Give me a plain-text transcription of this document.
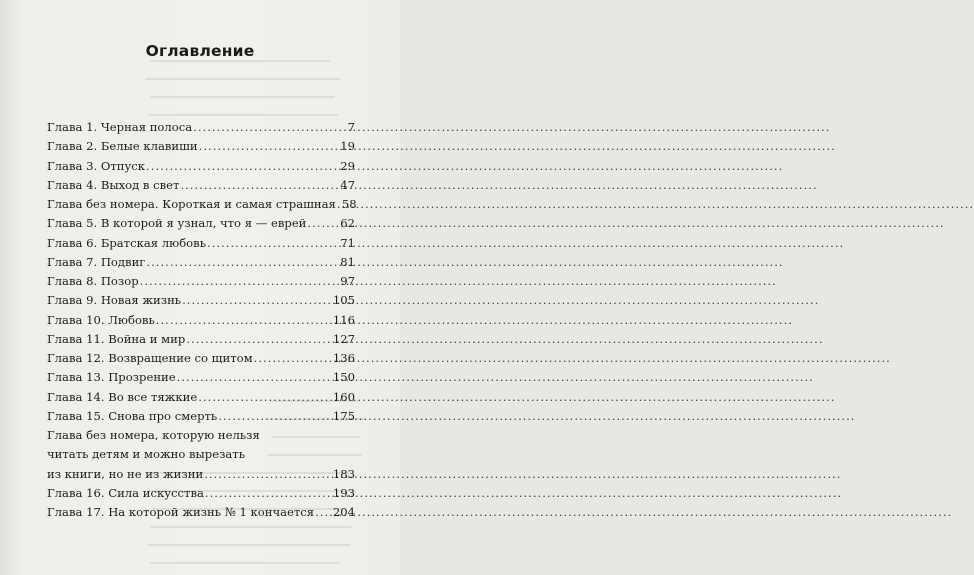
Оглавление
Глава 1. Черная полоса .....	7
Глава 2. Белые клавиши .....	19
Глава 3. Отпуск .....	29
Глава 4. Выход в свет .....	47
Глава без номера. Короткая и самая страшная ..... 58
Глава 5. В которой я узнал, что я — еврей .....	62
Глава 6. Братская любовь .....	71
Глава 7. Подвиг .....	81
Глава 8. Позор .....	97
Глава 9. Новая жизнь .....	105
Глава 10. Любовь .....	116
Глава 11. Война и мир .....	127
Глава 12. Возвращение со щитом .....	136
Глава 13. Прозрение .....	150
Глава 14. Во все тяжкие .....	160
Глава 15. Снова про смерть .....	175
Глава без номера, которую нельзя
читать детям и можно вырезать
из книги, но не из жизни .....	183
Глава 16. Сила искусства .....	193
Глава 17. На которой жизнь № 1 кончается ..... 204
